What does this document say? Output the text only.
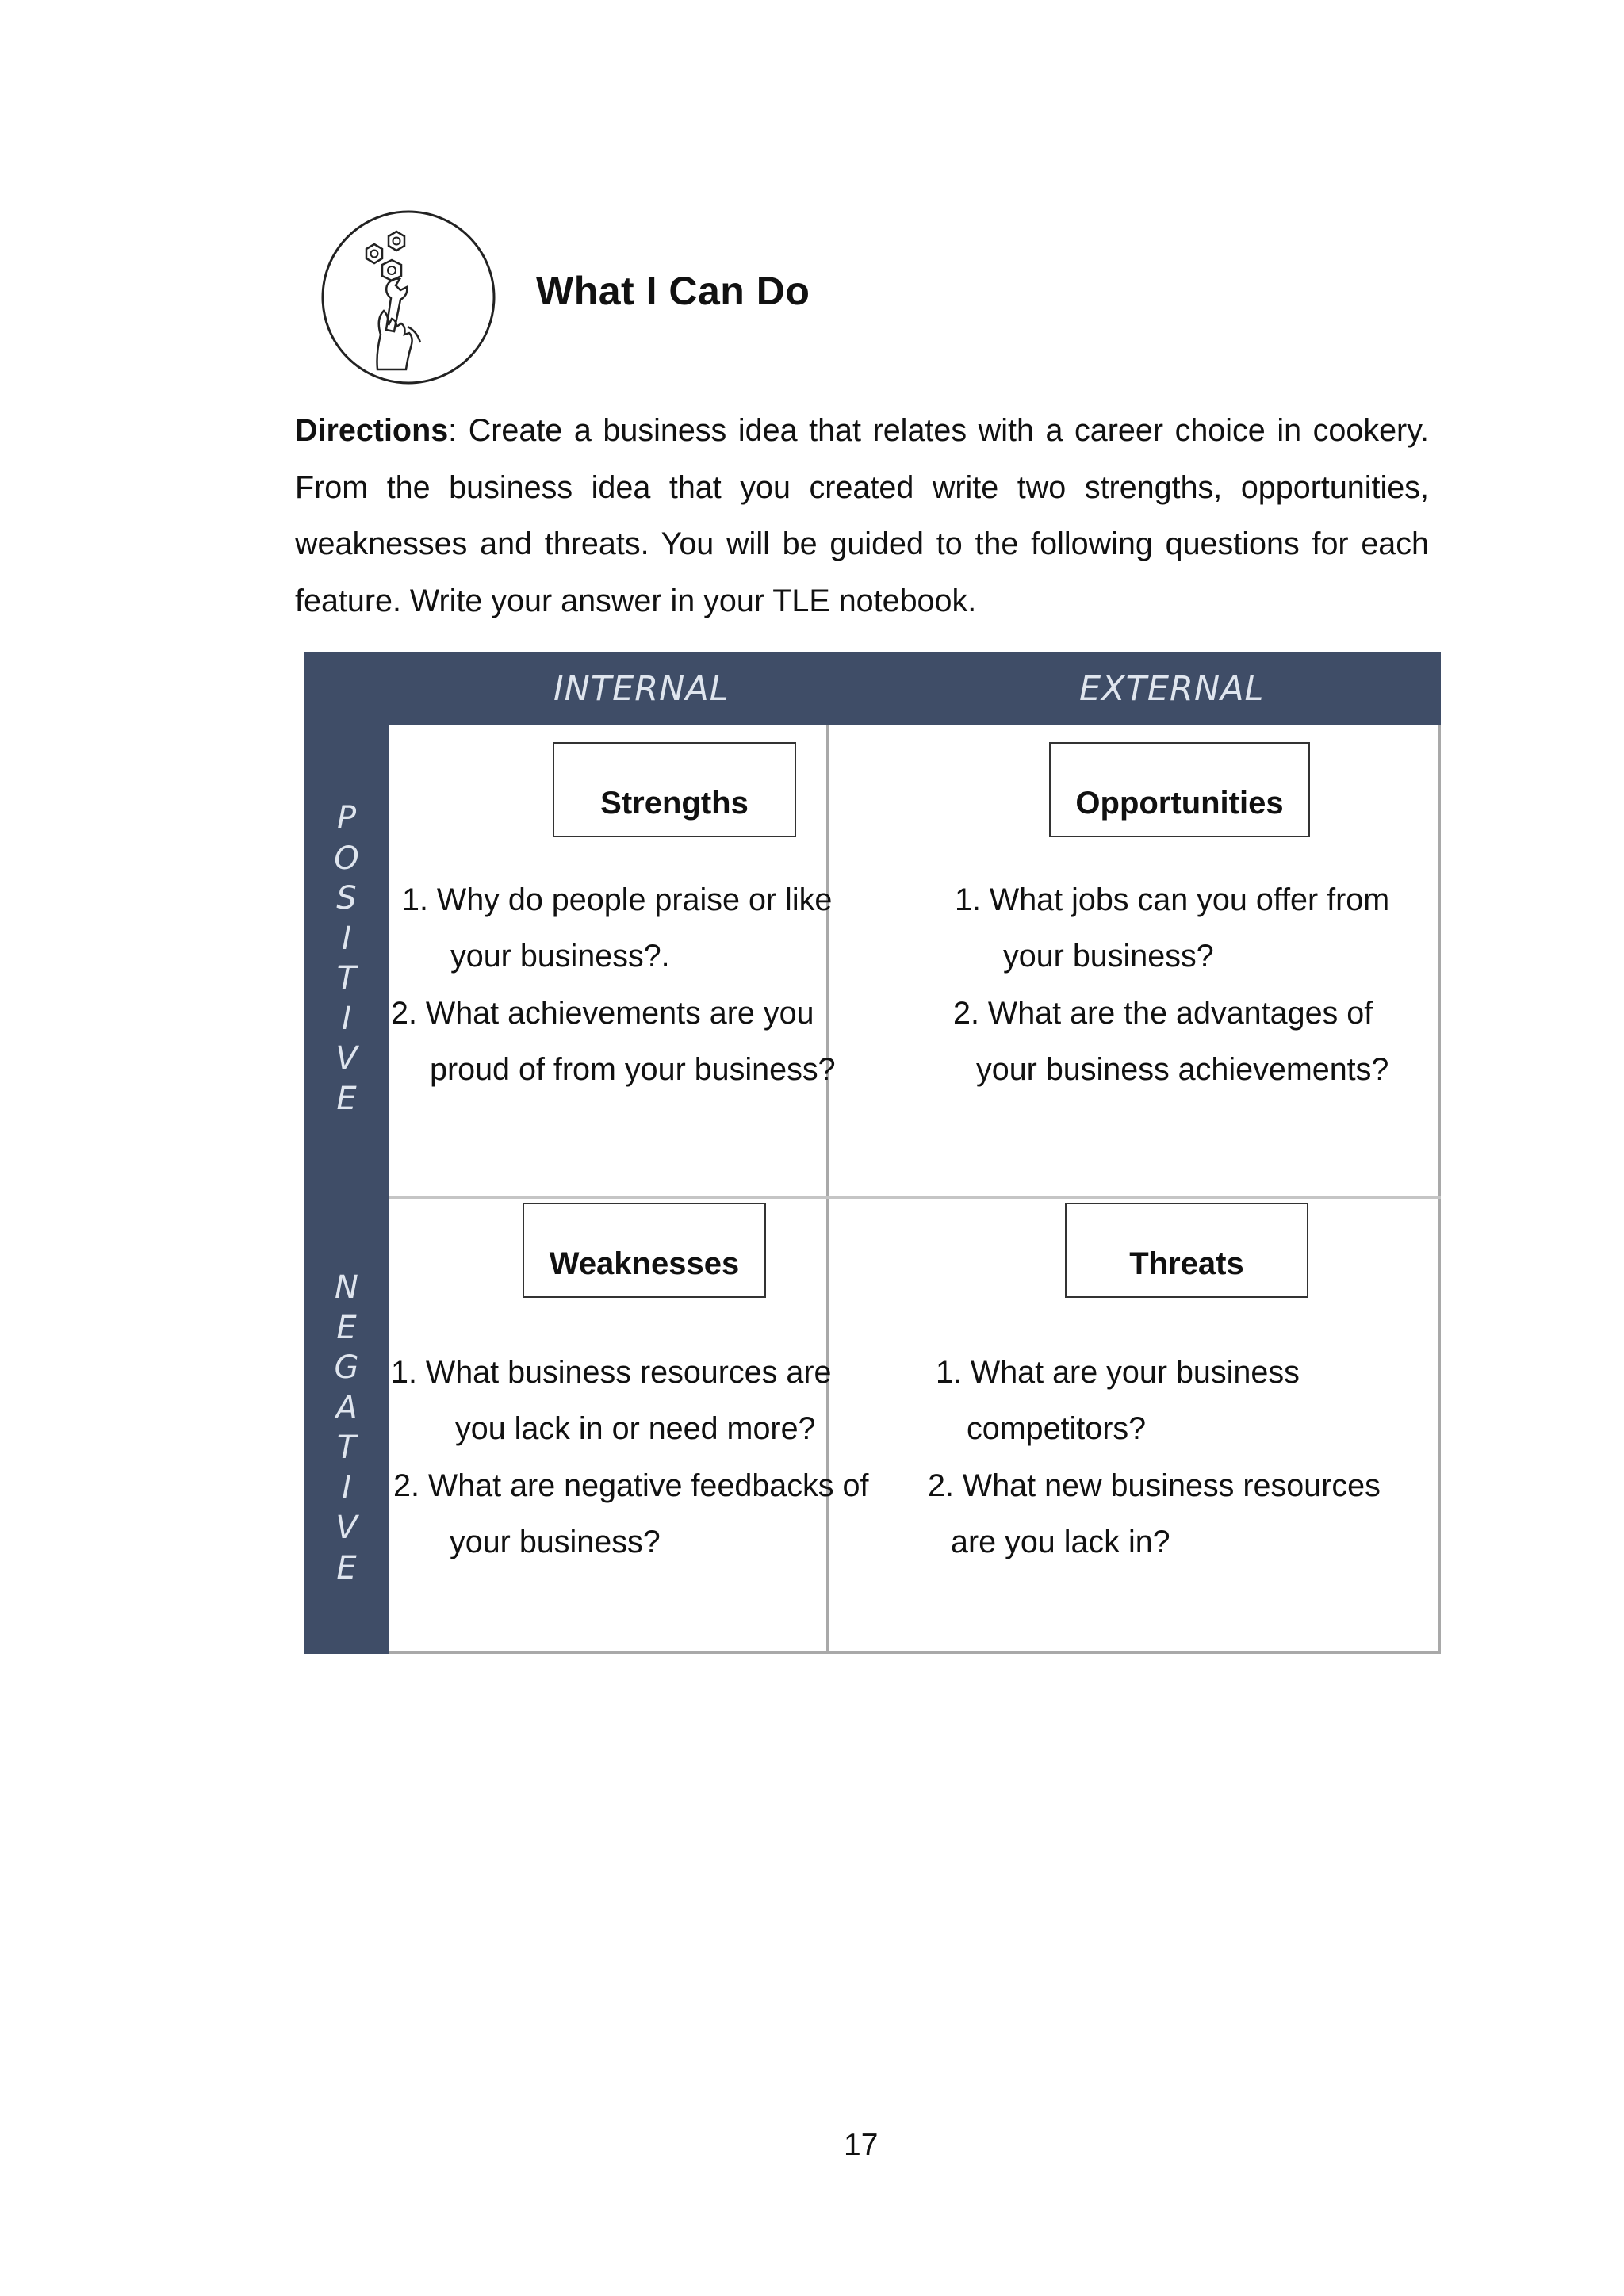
What I Can Do
Directions: Create a business idea that relates with a career choice in cookery. From the business idea that you created write two strengths, opportunities, weaknesses and threats. You will be guided to the following questions for each feature. Write your answer in your TLE notebook.
INTERNAL	EXTERNAL
P
O
S
I
T
I
V
E
N
E
G
A
T
I
V
E
Strengths
1. Why do people praise or like
your business?.
2. What achievements are you
proud of from your business?
Opportunities
1. What jobs can you offer from
your business?
2. What are the advantages of
your business achievements?
Weaknesses
1. What business resources are
you lack in or need more?
2. What are negative feedbacks of
your business?
Threats
1. What are your business
competitors?
2. What new business resources
are you lack in?
17
